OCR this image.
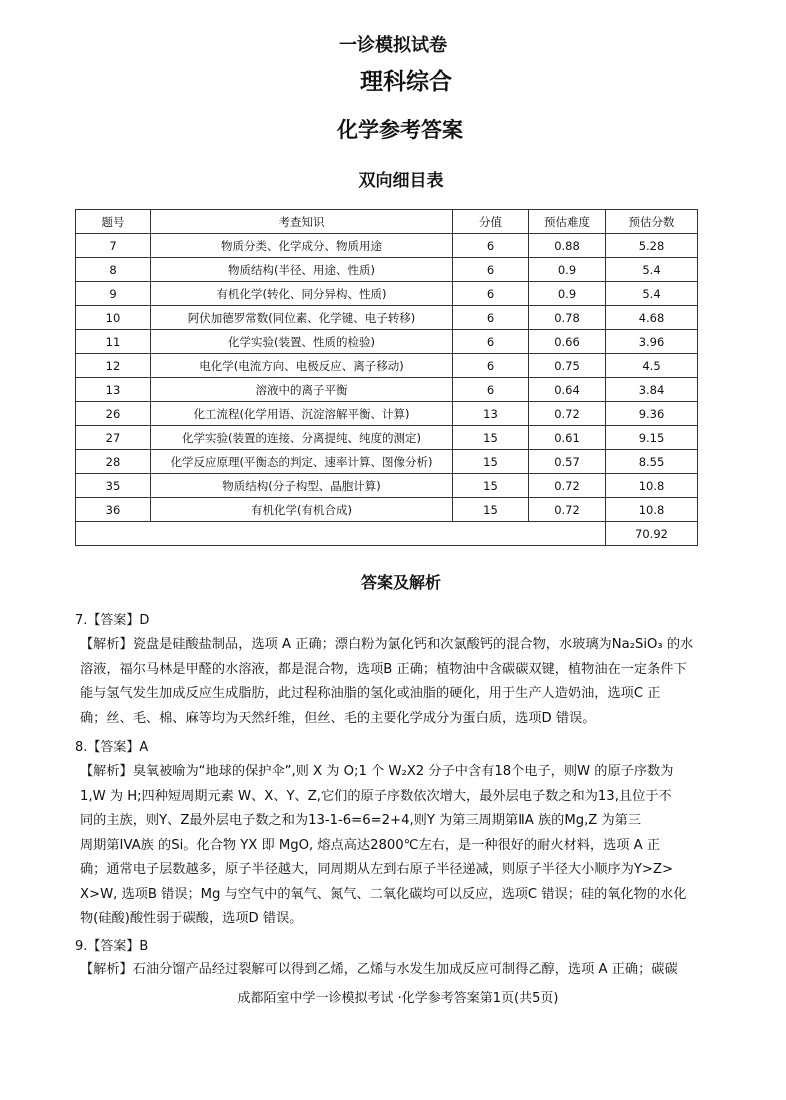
一诊模拟试卷
理科综合
化学参考答案
双向细目表
题号	考查知识	分值	预估难度	预估分数
7	物质分类、化学成分、物质用途	6	0.88	5.28
8	物质结构(半径、用途、性质)	6	0.9	5.4
9	有机化学(转化、同分异构、性质)	6	0.9	5.4
10	阿伏加德罗常数(同位素、化学键、电子转移)	6	0.78	4.68
11	化学实验(装置、性质的检验)	6	0.66	3.96
12	电化学(电流方向、电极反应、离子移动)	6	0.75	4.5
13	溶液中的离子平衡	6	0.64	3.84
26	化工流程(化学用语、沉淀溶解平衡、计算)	13	0.72	9.36
27	化学实验(装置的连接、分离提纯、纯度的测定)	15	0.61	9.15
28	化学反应原理(平衡态的判定、速率计算、图像分析)	15	0.57	8.55
35	物质结构(分子构型、晶胞计算)	15	0.72	10.8
36	有机化学(有机合成)	15	0.72	10.8
				70.92
答案及解析
7.【答案】D

【解析】瓷盘是硅酸盐制品，选项 A 正确；漂白粉为氯化钙和次氯酸钙的混合物，水玻璃为Na₂SiO₃ 的水

溶液，福尔马林是甲醛的水溶液，都是混合物，选项B 正确；植物油中含碳碳双键，植物油在一定条件下

能与氢气发生加成反应生成脂肪，此过程称油脂的氢化或油脂的硬化，用于生产人造奶油，选项C 正

确；丝、毛、棉、麻等均为天然纤维，但丝、毛的主要化学成分为蛋白质，选项D 错误。

8.【答案】A

【解析】臭氧被喻为“地球的保护伞”,则 X 为 O;1 个 W₂X2 分子中含有18个电子，则W 的原子序数为

1,W 为 H;四种短周期元素 W、X、Y、Z,它们的原子序数依次增大，最外层电子数之和为13,且位于不

同的主族，则Y、Z最外层电子数之和为13-1-6=6=2+4,则Y 为第三周期第ⅡA 族的Mg,Z 为第三

周期第IVA族 的Si。化合物 YX 即 MgO, 熔点高达2800℃左右，是一种很好的耐火材料，选项 A 正

确；通常电子层数越多，原子半径越大，同周期从左到右原子半径递减，则原子半径大小顺序为Y>Z>

X>W, 选项B 错误；Mg 与空气中的氧气、氮气、二氧化碳均可以反应，选项C 错误；硅的氧化物的水化

物(硅酸)酸性弱于碳酸，选项D 错误。

9.【答案】B

【解析】石油分馏产品经过裂解可以得到乙烯，乙烯与水发生加成反应可制得乙醇，选项 A 正确；碳碳

成都陌室中学一诊模拟考试 ·化学参考答案第1页(共5页)
